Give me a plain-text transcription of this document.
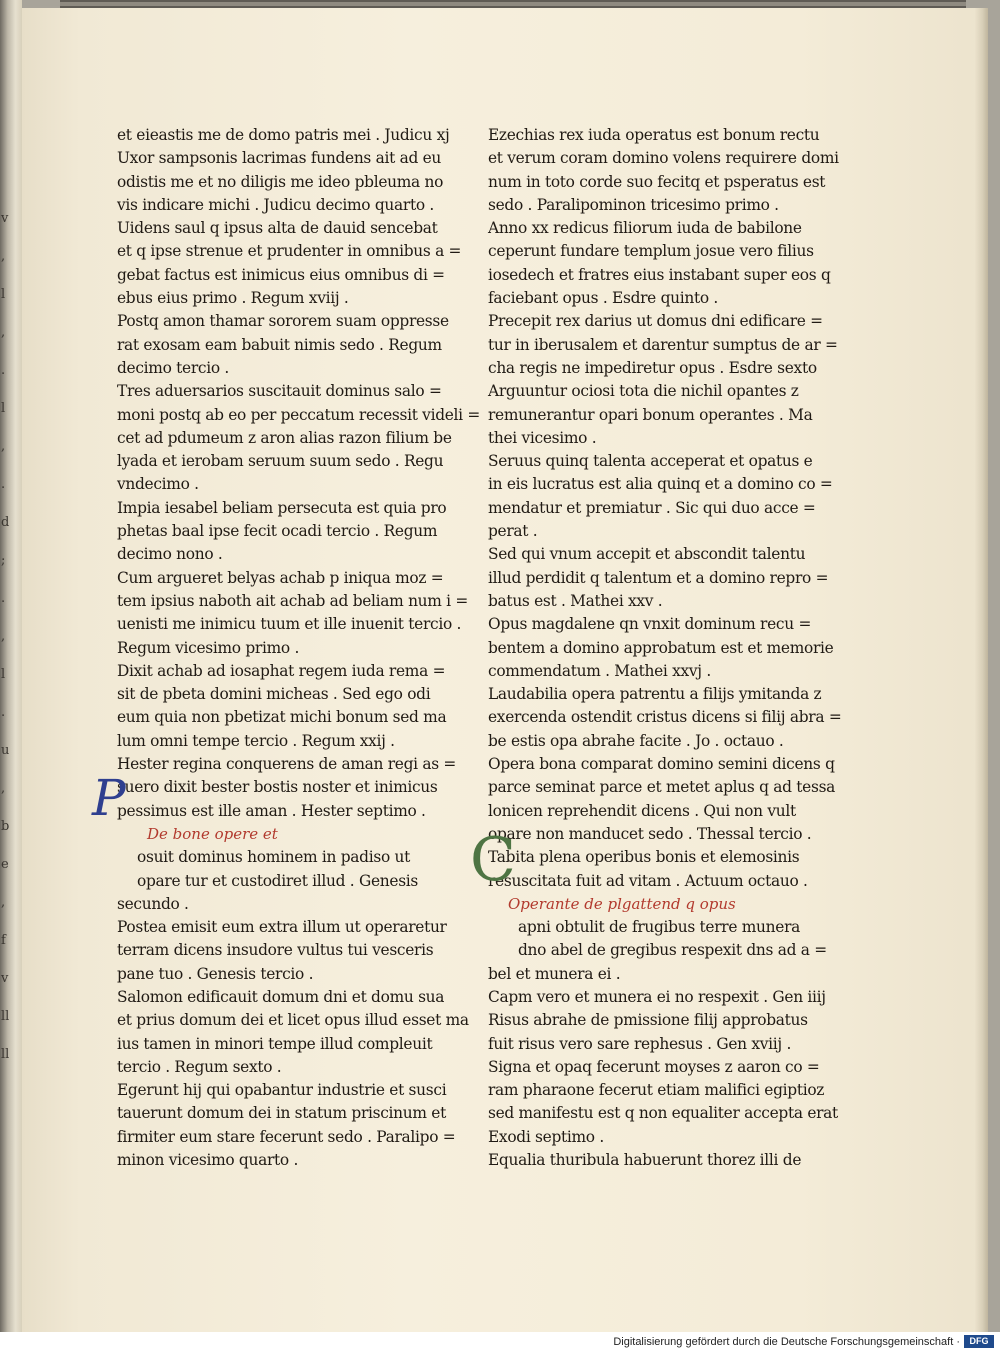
v
,
l
,
.
l
,
.
d
;
.
,
l
.
u
,
b
e
,
f
v
ll
ll
et eieastis me de domo patris mei . Judicu xj
Uxor sampsonis lacrimas fundens ait ad eu
odistis me et no diligis me ideo pbleuma no
vis indicare michi . Judicu decimo quarto .
Uidens saul q ipsus alta de dauid sencebat
et q ipse strenue et prudenter in omnibus a =
gebat factus est inimicus eius omnibus di =
ebus eius primo . Regum xviij .
Postq amon thamar sororem suam oppresse
rat exosam eam babuit nimis sedo . Regum
decimo tercio .
Tres aduersarios suscitauit dominus salo =
moni postq ab eo per peccatum recessit videli =
cet ad pdumeum z aron alias razon filium be
lyada et ierobam seruum suum sedo . Regu
vndecimo .
Impia iesabel beliam persecuta est quia pro
phetas baal ipse fecit ocadi tercio . Regum
decimo nono .
Cum argueret belyas achab p iniqua moz =
tem ipsius naboth ait achab ad beliam num i =
uenisti me inimicu tuum et ille inuenit tercio .
Regum vicesimo primo .
Dixit achab ad iosaphat regem iuda rema =
sit de pbeta domini micheas . Sed ego odi
eum quia non pbetizat michi bonum sed ma
lum omni tempe tercio . Regum xxij .
Hester regina conquerens de aman regi as =
suero dixit bester bostis noster et inimicus
pessimus est ille aman . Hester septimo .
De bone opere et
osuit dominus hominem in padiso ut
opare tur et custodiret illud . Genesis
secundo .
Postea emisit eum extra illum ut operaretur
terram dicens insudore vultus tui vesceris
pane tuo . Genesis tercio .
Salomon edificauit domum dni et domu sua
et prius domum dei et licet opus illud esset ma
ius tamen in minori tempe illud compleuit
tercio . Regum sexto .
Egerunt hij qui opabantur industrie et susci
tauerunt domum dei in statum priscinum et
firmiter eum stare fecerunt sedo . Paralipo =
minon vicesimo quarto .
P
Ezechias rex iuda operatus est bonum rectu
et verum coram domino volens requirere domi
num in toto corde suo fecitq et psperatus est
sedo . Paralipominon tricesimo primo .
Anno xx redicus filiorum iuda de babilone
ceperunt fundare templum josue vero filius
iosedech et fratres eius instabant super eos q
faciebant opus . Esdre quinto .
Precepit rex darius ut domus dni edificare =
tur in iberusalem et darentur sumptus de ar =
cha regis ne impediretur opus . Esdre sexto
Arguuntur ociosi tota die nichil opantes z
remunerantur opari bonum operantes . Ma
thei vicesimo .
Seruus quinq talenta acceperat et opatus e
in eis lucratus est alia quinq et a domino co =
mendatur et premiatur . Sic qui duo acce =
perat .
Sed qui vnum accepit et abscondit talentu
illud perdidit q talentum et a domino repro =
batus est . Mathei xxv .
Opus magdalene qn vnxit dominum recu =
bentem a domino approbatum est et memorie
commendatum . Mathei xxvj .
Laudabilia opera patrentu a filijs ymitanda z
exercenda ostendit cristus dicens si filij abra =
be estis opa abrahe facite . Jo . octauo .
Opera bona comparat domino semini dicens q
parce seminat parce et metet aplus q ad tessa
lonicen reprehendit dicens . Qui non vult
opare non manducet sedo . Thessal tercio .
Tabita plena operibus bonis et elemosinis
resuscitata fuit ad vitam . Actuum octauo .
Operante de plgattend q opus
apni obtulit de frugibus terre munera
dno abel de gregibus respexit dns ad a =
bel et munera ei .
Capm vero et munera ei no respexit . Gen iiij
Risus abrahe de pmissione filij approbatus
fuit risus vero sare rephesus . Gen xviij .
Signa et opaq fecerunt moyses z aaron co =
ram pharaone fecerut etiam malifici egiptioz
sed manifestu est q non equaliter accepta erat
Exodi septimo .
Equalia thuribula habuerunt thorez illi de
C
Digitalisierung gefördert durch die Deutsche Forschungsgemeinschaft ·	DFG
